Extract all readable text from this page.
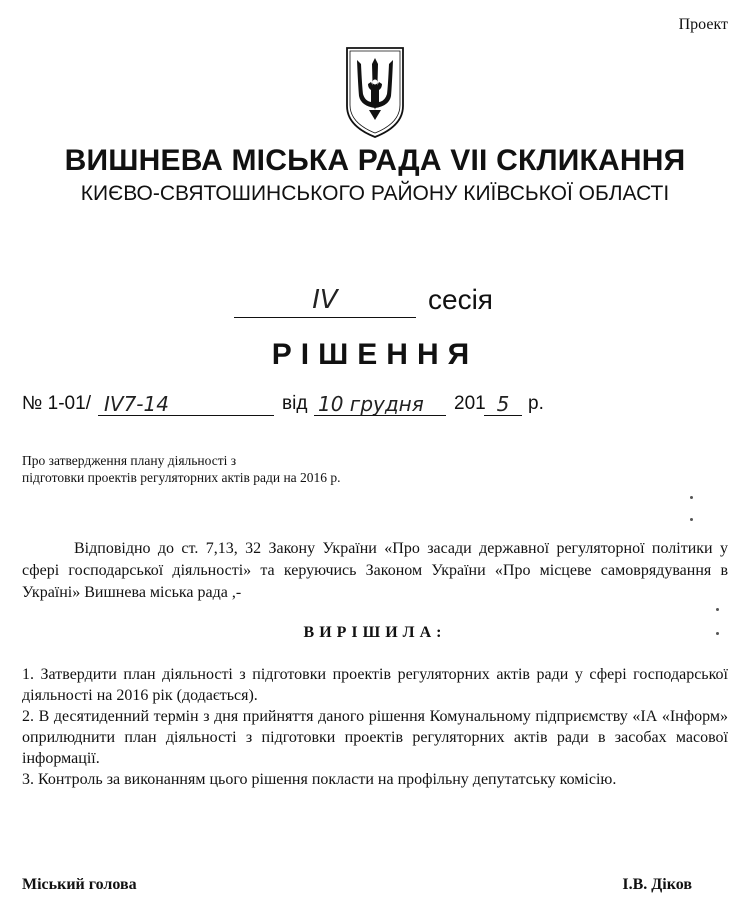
Проект
ВИШНЕВА МІСЬКА РАДА VII СКЛИКАННЯ
КИЄВО-СВЯТОШИНСЬКОГО РАЙОНУ КИЇВСЬКОЇ ОБЛАСТІ
IV	сесія
РІШЕННЯ
№ 1-01/ IV7-14	від 10 грудня	201 5 р.
Про затвердження плану діяльності з
підготовки проектів регуляторних актів ради на 2016 р.
Відповідно до ст. 7,13, 32 Закону України «Про засади державної регуляторної політики у сфері господарської діяльності» та керуючись Законом України «Про місцеве самоврядування в Україні» Вишнева міська рада ,-
ВИРІШИЛА:
1. Затвердити план діяльності з підготовки проектів регуляторних актів ради у сфері господарської діяльності на 2016 рік (додається).
2. В десятиденний термін з дня прийняття даного рішення Комунальному підприємству «ІА «Інформ» оприлюднити план діяльності з підготовки проектів регуляторних актів ради в засобах масової інформації.
3. Контроль за виконанням цього рішення покласти на профільну депутатську комісію.
Міський голова	І.В. Діков
